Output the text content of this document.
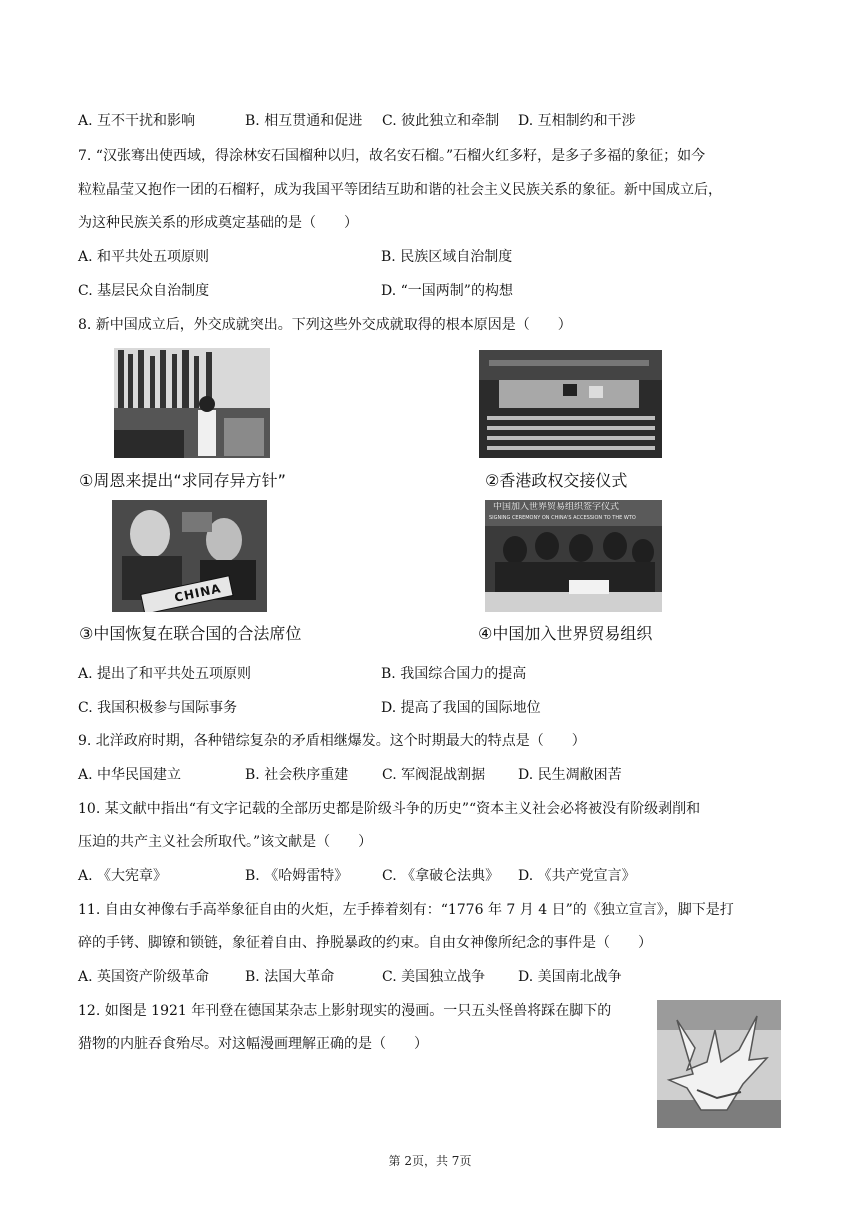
A. 互不干扰和影响	B. 相互贯通和促进 C. 彼此独立和牵制 D. 互相制约和干涉
7. “汉张骞出使西域，得涂林安石国榴种以归，故名安石榴。”石榴火红多籽，是多子多福的象征；如今
粒粒晶莹又抱作一团的石榴籽，成为我国平等团结互助和谐的社会主义民族关系的象征。新中国成立后，
为这种民族关系的形成奠定基础的是（　　）
A. 和平共处五项原则	B. 民族区域自治制度
C. 基层民众自治制度	D. “一国两制”的构想
8. 新中国成立后，外交成就突出。下列这些外交成就取得的根本原因是（　　）
①周恩来提出“求同存异方针”	②香港政权交接仪式
CHINA
③中国恢复在联合国的合法席位
中国加入世界贸易组织签字仪式
SIGNING CEREMONY ON CHINA'S ACCESSION TO THE WTO
④中国加入世界贸易组织
A. 提出了和平共处五项原则	B. 我国综合国力的提高
C. 我国积极参与国际事务	D. 提高了我国的国际地位
9. 北洋政府时期，各种错综复杂的矛盾相继爆发。这个时期最大的特点是（　　）
A. 中华民国建立	B. 社会秩序重建 C. 军阀混战割据 D. 民生凋敝困苦
10. 某文献中指出“有文字记载的全部历史都是阶级斗争的历史”“资本主义社会必将被没有阶级剥削和
压迫的共产主义社会所取代。”该文献是（　　）
A. 《大宪章》	B. 《哈姆雷特》 C. 《拿破仑法典》 D. 《共产党宣言》
11. 自由女神像右手高举象征自由的火炬，左手捧着刻有：“1776 年 7 月 4 日”的《独立宣言》，脚下是打
碎的手铐、脚镣和锁链，象征着自由、挣脱暴政的约束。自由女神像所纪念的事件是（　　）
A. 英国资产阶级革命	B. 法国大革命	C. 美国独立战争 D. 美国南北战争
12. 如图是 1921 年刊登在德国某杂志上影射现实的漫画。一只五头怪兽将踩在脚下的
猎物的内脏吞食殆尽。对这幅漫画理解正确的是（　　）
第 2页，共 7页
